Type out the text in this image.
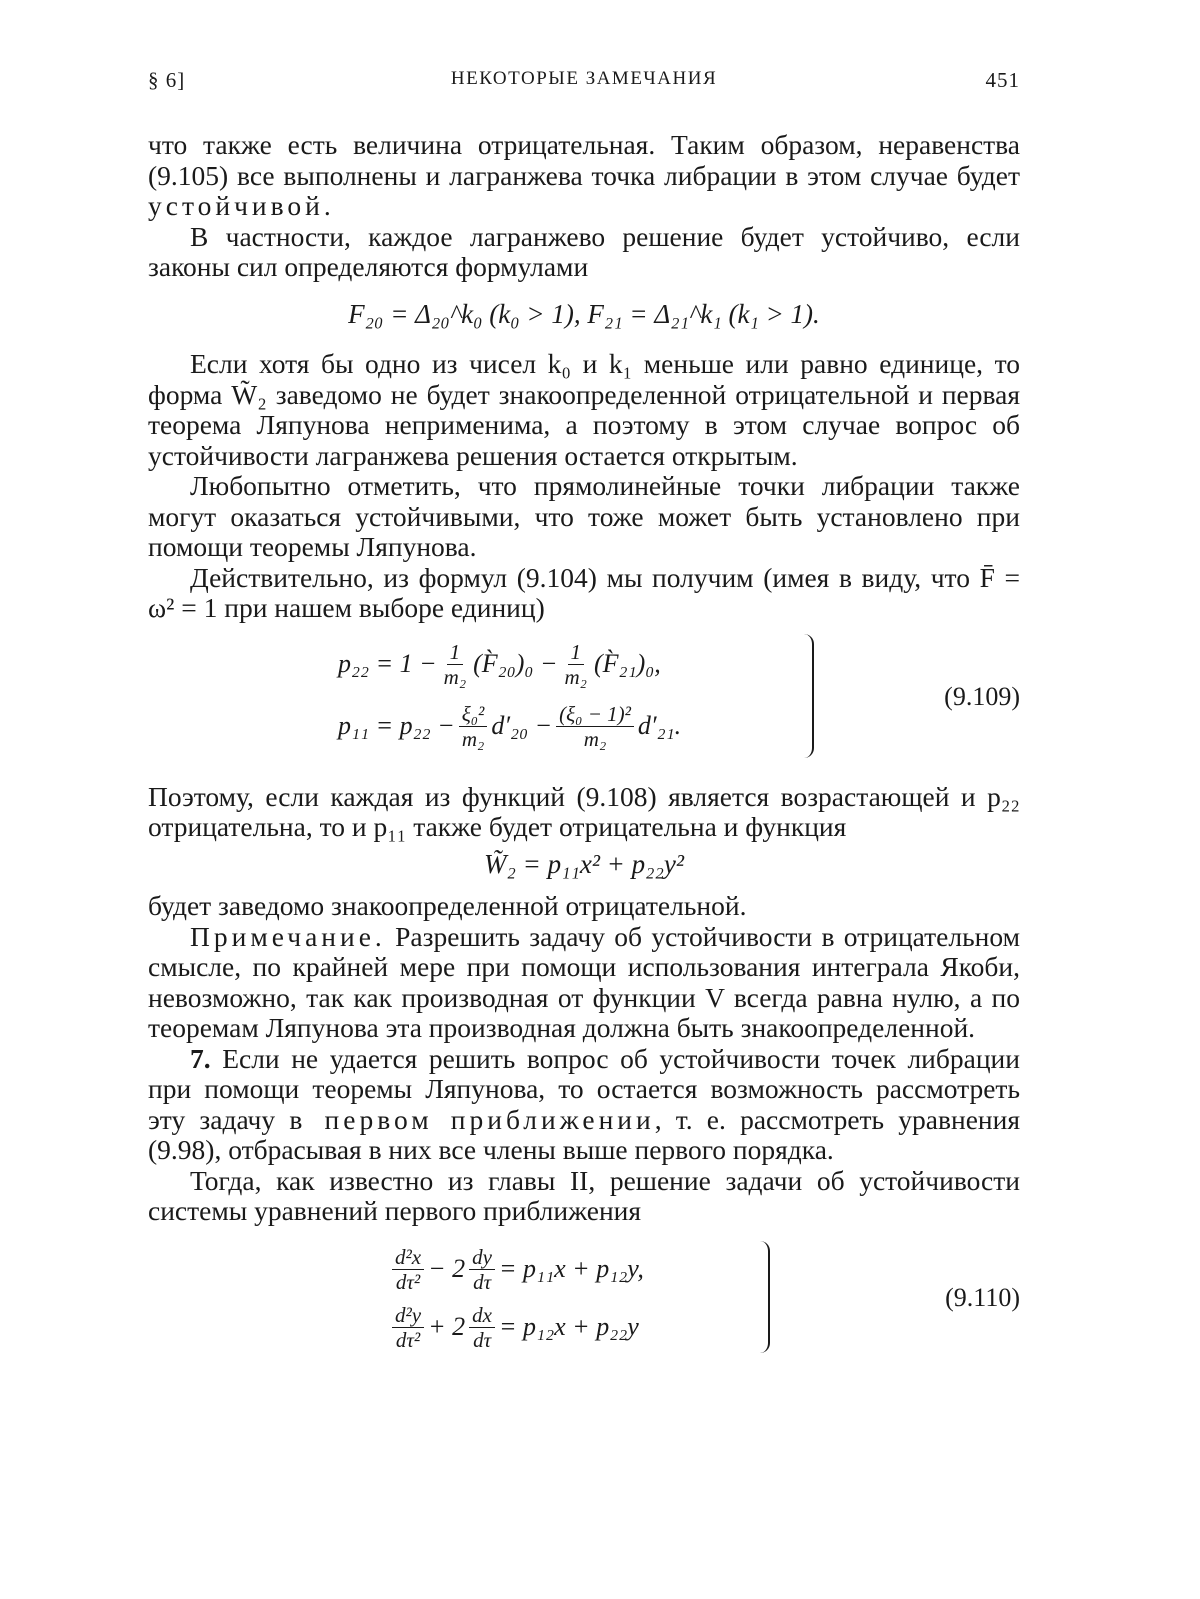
§ 6]	НЕКОТОРЫЕ ЗАМЕЧАНИЯ	451

что также есть величина отрицательная. Таким образом, неравенства (9.105) все выполнены и лагранжева точка либрации в этом случае будет устойчивой.

В частности, каждое лагранжево решение будет устойчиво, если законы сил определяются формулами

F₂₀ = Δ₂₀^k₀ (k₀ > 1), F₂₁ = Δ₂₁^k₁ (k₁ > 1).

Если хотя бы одно из чисел k₀ и k₁ меньше или равно единице, то форма W̃₂ заведомо не будет знакоопределенной отрицательной и первая теорема Ляпунова неприменима, а поэтому в этом случае вопрос об устойчивости лагранжева решения остается открытым.

Любопытно отметить, что прямолинейные точки либрации также могут оказаться устойчивыми, что тоже может быть установлено при помощи теоремы Ляпунова.

Действительно, из формул (9.104) мы получим (имея в виду, что F̄ = ω² = 1 при нашем выборе единиц)

$p_{22} = 1 - \frac{1}{\text{m₂}}$ (F̀₂₀)₀ − $\frac{1}{\text{m₂}}$ (F̀₂₁)₀,
$p_{11} = p_{22} - \frac{\text{ξ₀²}}{\text{m₂}} d'_{20} - \frac{\text{(ξ₀ − 1)²}}{\text{m₂}} d'_{21}$.
(9.109)

Поэтому, если каждая из функций (9.108) является возрастающей и p₂₂ отрицательна, то и p₁₁ также будет отрицательна и функция

W̃₂ = p₁₁x² + p₂₂y²

будет заведомо знакоопределенной отрицательной.

Примечание. Разрешить задачу об устойчивости в отрицательном смысле, по крайней мере при помощи использования интеграла Якоби, невозможно, так как производная от функции V всегда равна нулю, а по теоремам Ляпунова эта производная должна быть знакоопределенной.

7. Если не удается решить вопрос об устойчивости точек либрации при помощи теоремы Ляпунова, то остается возможность рассмотреть эту задачу в первом приближении, т. е. рассмотреть уравнения (9.98), отбрасывая в них все члены выше первого порядка.

Тогда, как известно из главы II, решение задачи об устойчивости системы уравнений первого приближения

$\frac{\text{d²x}}{\text{dτ²}} - 2 \frac{dy}{d\tau} = p_{11}x + p_{12}y$,
$\frac{\text{d²y}}{\text{dτ²}} + 2 \frac{dx}{d\tau} = p_{12}x + p_{22}y$
(9.110)
